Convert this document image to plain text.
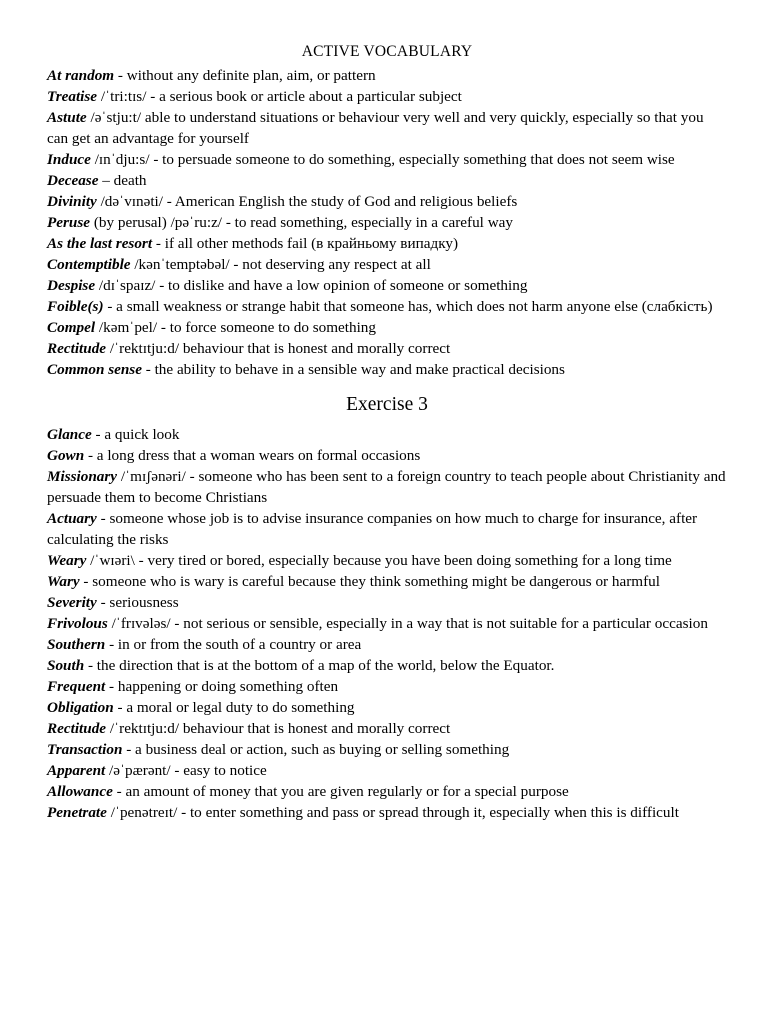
ACTIVE VOCABULARY

At random - without any definite plan, aim, or pattern

Treatise /ˈtri:tɪs/ - a serious book or article about a particular subject

Astute /əˈstju:t/ able to understand situations or behaviour very well and very quickly, especially so that you can get an advantage for yourself

Induce /ɪnˈdju:s/ - to persuade someone to do something, especially something that does not seem wise

Decease – death

Divinity /dəˈvɪnəti/ - American English the study of God and religious beliefs

Peruse (by perusal) /pəˈru:z/ - to read something, especially in a careful way

As the last resort - if all other methods fail (в крайньому випадку)

Contemptible /kənˈtemptəbəl/ - not deserving any respect at all

Despise /dɪˈspaɪz/ - to dislike and have a low opinion of someone or something

Foible(s) - a small weakness or strange habit that someone has, which does not harm anyone else (слабкість)

Compel /kəmˈpel/ - to force someone to do something

Rectitude /ˈrektɪtju:d/ behaviour that is honest and morally correct

Common sense - the ability to behave in a sensible way and make practical decisions

Exercise 3

Glance - a quick look

Gown - a long dress that a woman wears on formal occasions

Missionary /ˈmɪʃənəri/ - someone who has been sent to a foreign country to teach people about Christianity and persuade them to become Christians

Actuary - someone whose job is to advise insurance companies on how much to charge for insurance, after calculating the risks

Weary /ˈwɪəri\ - very tired or bored, especially because you have been doing something for a long time

Wary - someone who is wary is careful because they think something might be dangerous or harmful

Severity - seriousness

Frivolous /ˈfrɪvələs/ - not serious or sensible, especially in a way that is not suitable for a particular occasion

Southern - in or from the south of a country or area

South - the direction that is at the bottom of a map of the world, below the Equator.

Frequent - happening or doing something often

Obligation - a moral or legal duty to do something

Rectitude /ˈrektɪtju:d/ behaviour that is honest and morally correct

Transaction - a business deal or action, such as buying or selling something

Apparent /əˈpærənt/ - easy to notice

Allowance - an amount of money that you are given regularly or for a special purpose

Penetrate /ˈpenətreɪt/ - to enter something and pass or spread through it, especially when this is difficult
